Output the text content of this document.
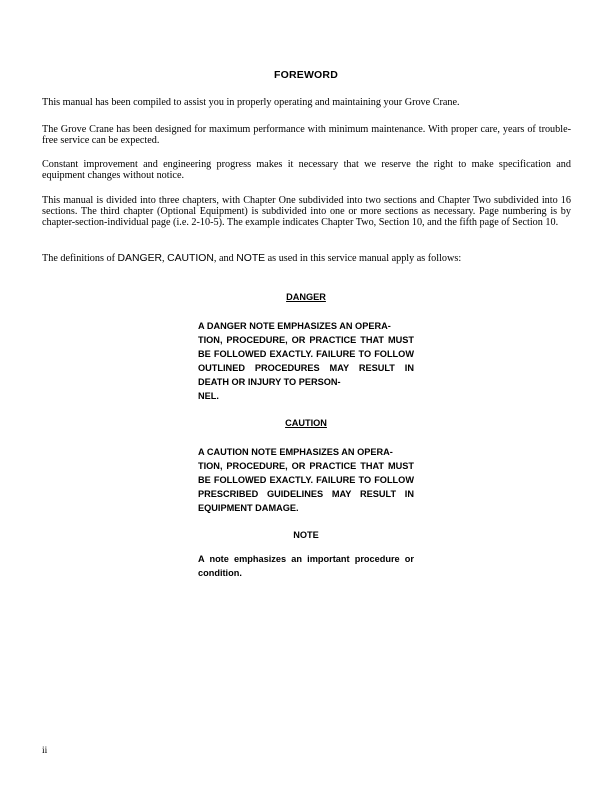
FOREWORD

This manual has been compiled to assist you in properly operating and maintaining your Grove Crane.

The Grove Crane has been designed for maximum performance with minimum maintenance. With proper care, years of trouble-free service can be expected.

Constant improvement and engineering progress makes it necessary that we reserve the right to make specification and equipment changes without notice.

This manual is divided into three chapters, with Chapter One subdivided into two sections and Chapter Two subdivided into 16 sections. The third chapter (Optional Equipment) is subdivided into one or more sections as necessary. Page numbering is by chapter-section-individual page (i.e. 2-10-5). The example indicates Chapter Two, Section 10, and the fifth page of Section 10.

The definitions of DANGER, CAUTION, and NOTE as used in this service manual apply as follows:

DANGER

A DANGER NOTE EMPHASIZES AN OPERA-
TION, PROCEDURE, OR PRACTICE THAT MUST BE FOLLOWED EXACTLY. FAILURE TO FOLLOW OUTLINED PROCEDURES MAY RESULT IN DEATH OR INJURY TO PERSON-
NEL.

CAUTION

A CAUTION NOTE EMPHASIZES AN OPERA-
TION, PROCEDURE, OR PRACTICE THAT MUST BE FOLLOWED EXACTLY. FAILURE TO FOLLOW PRESCRIBED GUIDELINES MAY RESULT IN EQUIPMENT DAMAGE.

NOTE

A note emphasizes an important procedure or condition.

ii
